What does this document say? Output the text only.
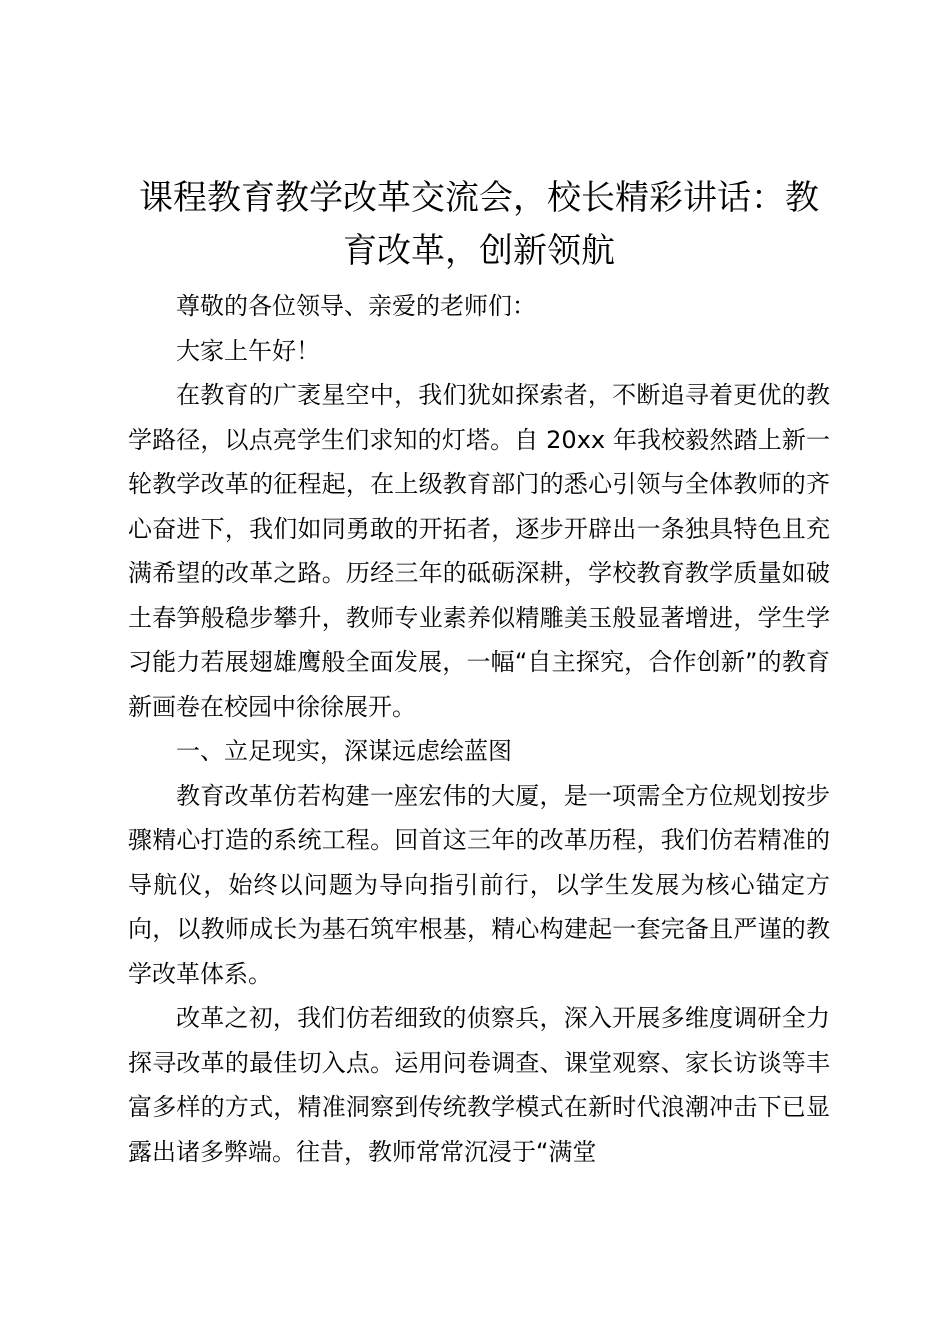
课程教育教学改革交流会，校长精彩讲话：教育改革，创新领航

尊敬的各位领导、亲爱的老师们：

大家上午好！

在教育的广袤星空中，我们犹如探索者，不断追寻着更优的教学路径，以点亮学生们求知的灯塔。自 20xx 年我校毅然踏上新一轮教学改革的征程起，在上级教育部门的悉心引领与全体教师的齐心奋进下，我们如同勇敢的开拓者，逐步开辟出一条独具特色且充满希望的改革之路。历经三年的砥砺深耕，学校教育教学质量如破土春笋般稳步攀升，教师专业素养似精雕美玉般显著增进，学生学习能力若展翅雄鹰般全面发展，一幅“自主探究，合作创新”的教育新画卷在校园中徐徐展开。

一、立足现实，深谋远虑绘蓝图

教育改革仿若构建一座宏伟的大厦，是一项需全方位规划按步骤精心打造的系统工程。回首这三年的改革历程，我们仿若精准的导航仪，始终以问题为导向指引前行，以学生发展为核心锚定方向，以教师成长为基石筑牢根基，精心构建起一套完备且严谨的教学改革体系。

改革之初，我们仿若细致的侦察兵，深入开展多维度调研全力探寻改革的最佳切入点。运用问卷调查、课堂观察、家长访谈等丰富多样的方式，精准洞察到传统教学模式在新时代浪潮冲击下已显露出诸多弊端。往昔，教师常常沉浸于“满堂
